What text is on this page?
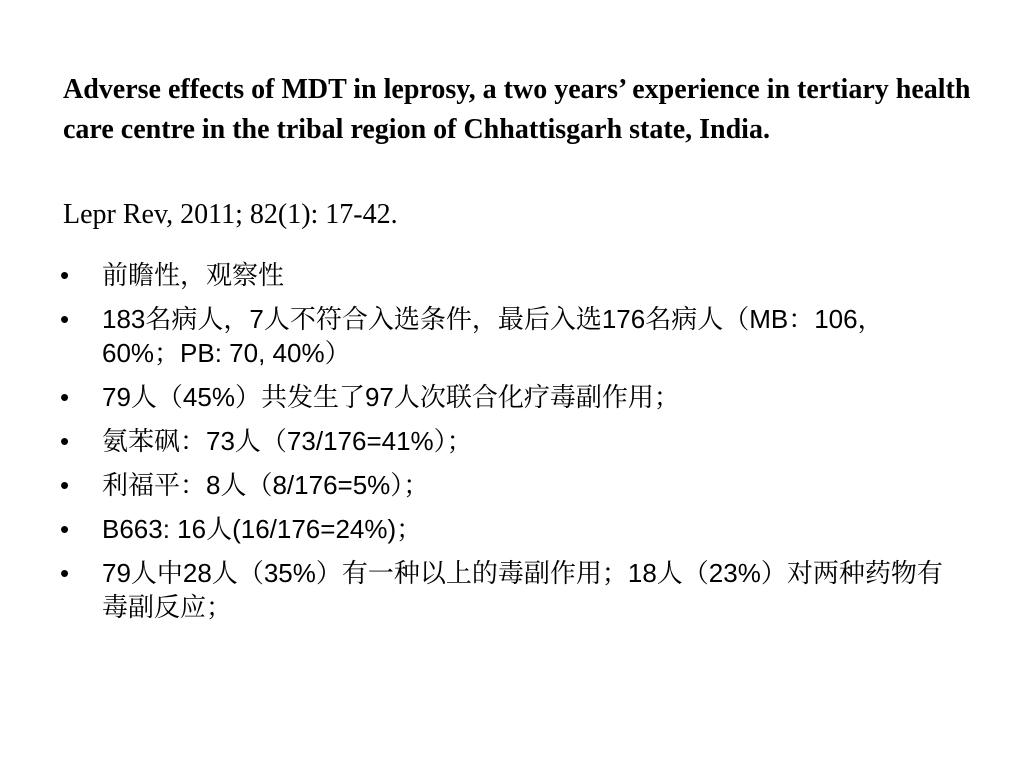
Adverse effects of MDT in leprosy, a two years’ experience in tertiary health care centre in the tribal region of Chhattisgarh state, India.

Lepr Rev, 2011; 82(1): 17-42.

•	前瞻性，观察性
•	183名病人，7人不符合入选条件，最后入选176名病人（MB：106，60%；PB: 70, 40%）
•	79人（45%）共发生了97人次联合化疗毒副作用；
•	氨苯砜：73人（73/176=41%）；
•	利福平：8人（8/176=5%）；
•	B663: 16人(16/176=24%)；
•	79人中28人（35%）有一种以上的毒副作用；18人（23%）对两种药物有毒副反应；
